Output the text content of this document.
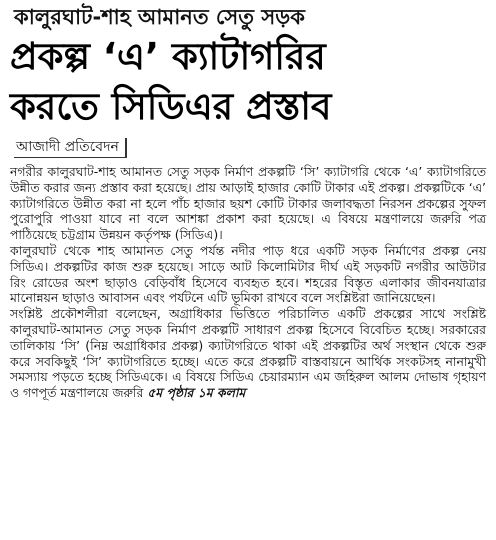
কালুরঘাট-শাহ আমানত সেতু সড়ক
প্রকল্প ‘এ’ ক্যাটাগরির
করতে সিডিএর প্রস্তাব
আজাদী প্রতিবেদন

নগরীর কালুরঘাট-শাহ আমানত সেতু সড়ক নির্মাণ প্রকল্পটি ‘সি’ ক্যাটাগরি থেকে ‘এ’ ক্যাটাগরিতে উন্নীত করার জন্য প্রস্তাব করা হয়েছে। প্রায় আড়াই হাজার কোটি টাকার এই প্রকল্প। প্রকল্পটিকে ‘এ’ ক্যাটাগরিতে উন্নীত করা না হলে পাঁচ হাজার ছয়শ কোটি টাকার জলাবদ্ধতা নিরসন প্রকল্পের সুফল পুরোপুরি পাওয়া যাবে না বলে আশঙ্কা প্রকাশ করা হয়েছে। এ বিষয়ে মন্ত্রণালয়ে জরুরি পত্র পাঠিয়েছে চট্টগ্রাম উন্নয়ন কর্তৃপক্ষ (সিডিএ)।

কালুরঘাট থেকে শাহ আমানত সেতু পর্যন্ত নদীর পাড় ধরে একটি সড়ক নির্মাণের প্রকল্প নেয় সিডিএ। প্রকল্পটির কাজ শুরু হয়েছে। সাড়ে আট কিলোমিটার দীর্ঘ এই সড়কটি নগরীর আউটার রিং রোডের অংশ ছাড়াও বেড়িবাঁধ হিসেবে ব্যবহৃত হবে। শহরের বিস্তৃত এলাকার জীবনযাত্রার মানোন্নয়ন ছাড়াও আবাসন এবং পর্যটনে এটি ভূমিকা রাখবে বলে সংশ্লিষ্টরা জানিয়েছেন।

সংশ্লিষ্ট প্রকৌশলীরা বলেছেন, অগ্রাধিকার ভিত্তিতে পরিচালিত একটি প্রকল্পের সাথে সংশ্লিষ্ট কালুরঘাট-আমানত সেতু সড়ক নির্মাণ প্রকল্পটি সাধারণ প্রকল্প হিসেবে বিবেচিত হচ্ছে। সরকারের তালিকায় ‘সি’ (নিম্ন অগ্রাধিকার প্রকল্প) ক্যাটাগরিতে থাকা এই প্রকল্পটির অর্থ সংস্থান থেকে শুরু করে সবকিছুই ‘সি’ ক্যাটাগরিতে হচ্ছে। এতে করে প্রকল্পটি বাস্তবায়নে আর্থিক সংকটসহ নানামুখী সমস্যায় পড়তে হচ্ছে সিডিএকে। এ বিষয়ে সিডিএ চেয়ারম্যান এম জহিরুল আলম দোভাষ গৃহায়ণ ও গণপূর্ত মন্ত্রণালয়ে জরুরি ৫ম পৃষ্ঠার ১ম কলাম
